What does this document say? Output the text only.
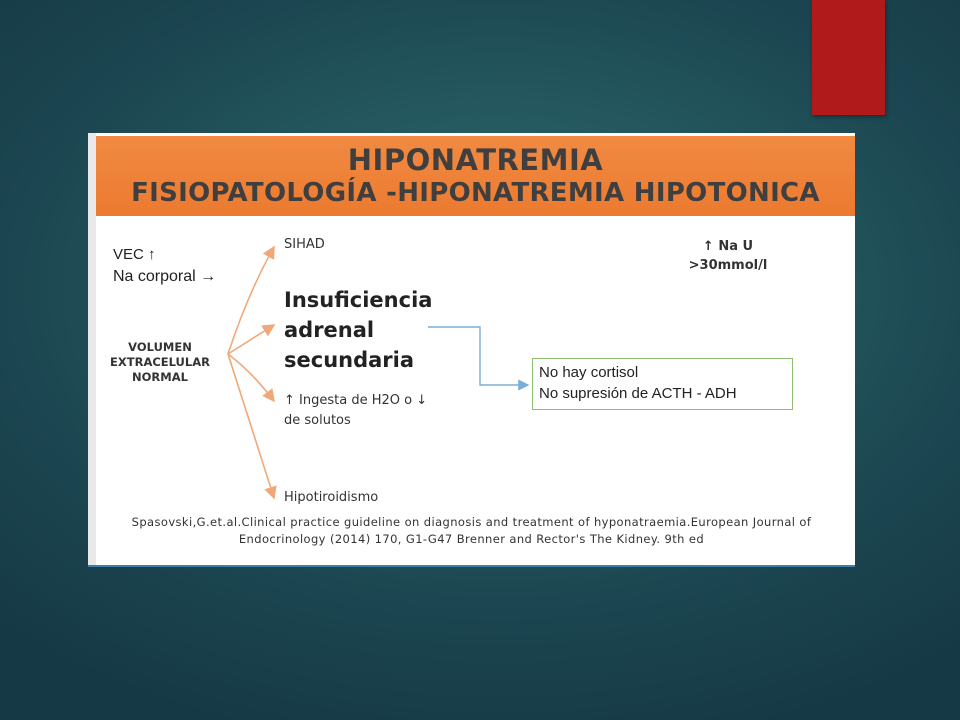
HIPONATREMIA

FISIOPATOLOGÍA -HIPONATREMIA HIPOTONICA

VEC ↑

Na corporal →

VOLUMEN EXTRACELULAR NORMAL

SIHAD

Insuficiencia adrenal secundaria

↑ Ingesta de H2O o ↓ de solutos

Hipotiroidismo

↑ Na U >30mmol/l

No hay cortisol

No supresión de ACTH - ADH

Spasovski,G.et.al.Clinical practice guideline on diagnosis and treatment of hyponatraemia.European Journal of Endocrinology (2014) 170, G1-G47 Brenner and Rector's The Kidney. 9th ed
